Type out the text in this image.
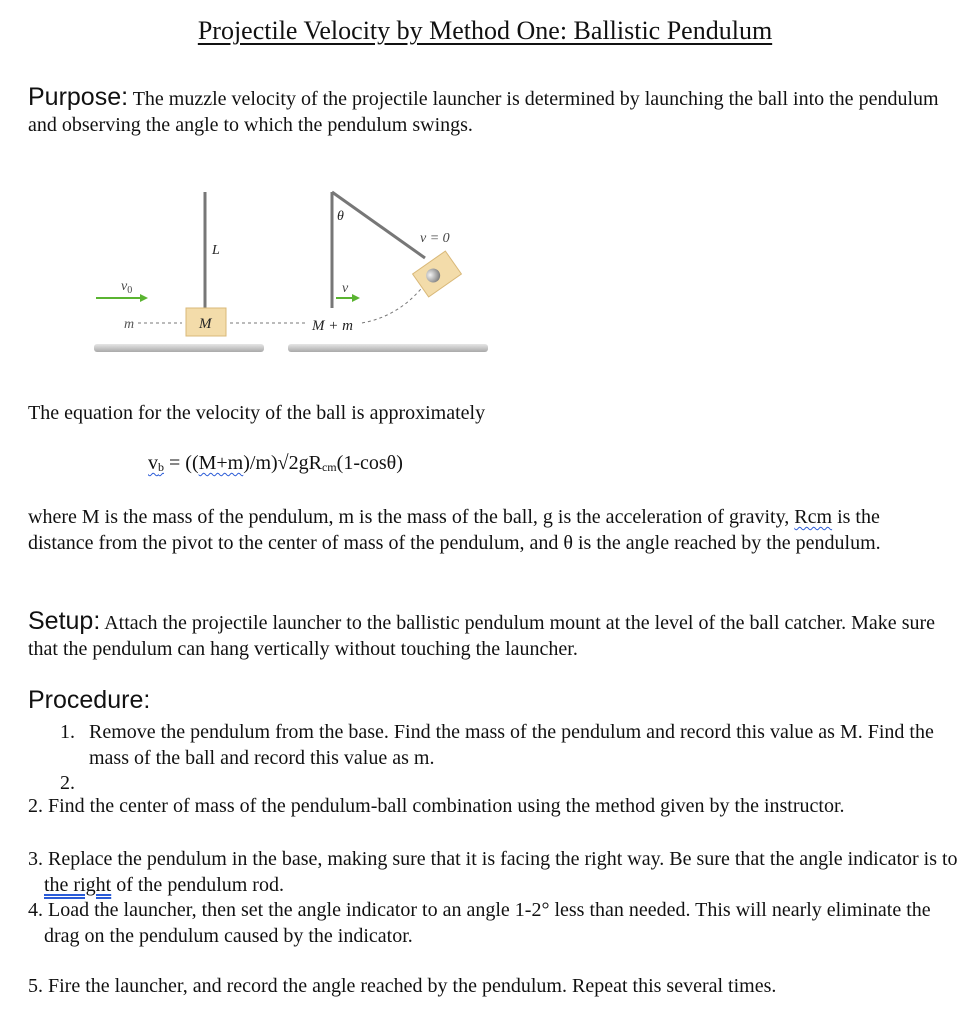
Projectile Velocity by Method One: Ballistic Pendulum
Purpose: The muzzle velocity of the projectile launcher is determined by launching the ball into the pendulum and observing the angle to which the pendulum swings.
L
M
m
$v_0$
θ
M + m
v
v = 0
The equation for the velocity of the ball is approximately
vb = ((M+m)/m)√2gRcm(1-cosθ)
where M is the mass of the pendulum, m is the mass of the ball, g is the acceleration of gravity, Rcm is the distance from the pivot to the center of mass of the pendulum, and θ is the angle reached by the pendulum.
Setup: Attach the projectile launcher to the ballistic pendulum mount at the level of the ball catcher. Make sure that the pendulum can hang vertically without touching the launcher.
Procedure:
1. Remove the pendulum from the base. Find the mass of the pendulum and record this value as M. Find the mass of the ball and record this value as m.
2.
2. Find the center of mass of the pendulum-ball combination using the method given by the instructor.
3. Replace the pendulum in the base, making sure that it is facing the right way. Be sure that the angle indicator is to the right of the pendulum rod.
4. Load the launcher, then set the angle indicator to an angle 1-2° less than needed. This will nearly eliminate the drag on the pendulum caused by the indicator.
5. Fire the launcher, and record the angle reached by the pendulum. Repeat this several times.
